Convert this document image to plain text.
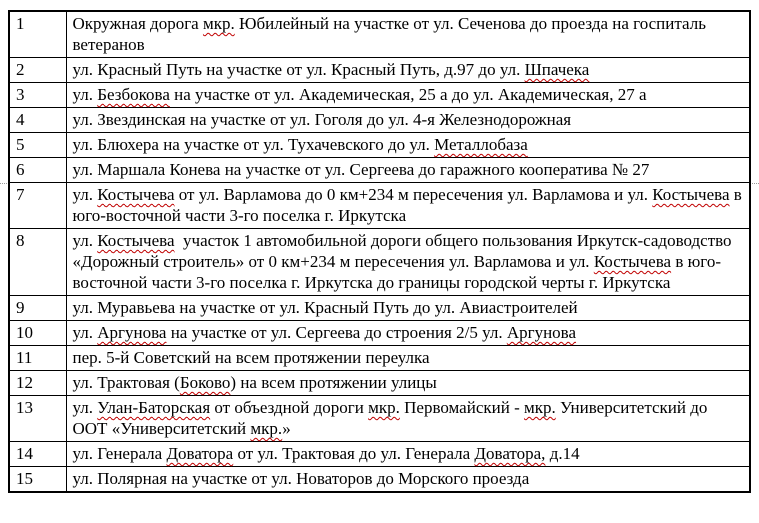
1	Окружная дорога мкр. Юбилейный на участке от ул. Сеченова до проезда на госпиталь ветеранов
2	ул. Красный Путь на участке от ул. Красный Путь, д.97 до ул. Шпачека
3	ул. Безбокова на участке от ул. Академическая, 25 а до ул. Академическая, 27 а
4	ул. Звездинская на участке от ул. Гоголя до ул. 4-я Железнодорожная
5	ул. Блюхера на участке от ул. Тухачевского до ул. Металлобаза
6	ул. Маршала Конева на участке от ул. Сергеева до гаражного кооператива № 27
7	ул. Костычева от ул. Варламова до 0 км+234 м пересечения ул. Варламова и ул. Костычева в юго-восточной части 3-го поселка г. Иркутска
8	ул. Костычева  участок 1 автомобильной дороги общего пользования Иркутск-садоводство «Дорожный строитель» от 0 км+234 м пересечения ул. Варламова и ул. Костычева в юго-восточной части 3-го поселка г. Иркутска до границы городской черты г. Иркутска
9	ул. Муравьева на участке от ул. Красный Путь до ул. Авиастроителей
10	ул. Аргунова на участке от ул. Сергеева до строения 2/5 ул. Аргунова
11	пер. 5-й Советский на всем протяжении переулка
12	ул. Трактовая (Боково) на всем протяжении улицы
13	ул. Улан-Баторская от объездной дороги мкр. Первомайский - мкр. Университетский до ООТ «Университетский мкр.»
14	ул. Генерала Доватора от ул. Трактовая до ул. Генерала Доватора, д.14
15	ул. Полярная на участке от ул. Новаторов до Морского проезда
